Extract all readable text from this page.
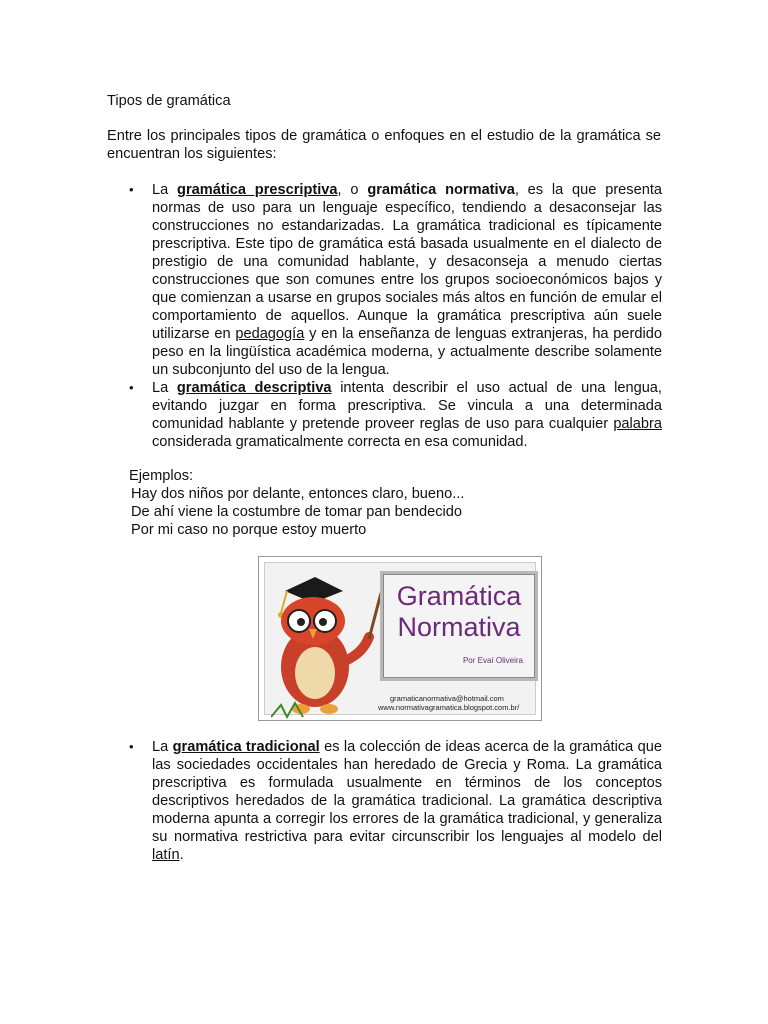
Tipos de gramática

Entre los principales tipos de gramática o enfoques en el estudio de la gramática se encuentran los siguientes:

• La gramática prescriptiva, o gramática normativa, es la que presenta normas de uso para un lenguaje específico, tendiendo a desaconsejar las construcciones no estandarizadas. La gramática tradicional es típicamente prescriptiva. Este tipo de gramática está basada usualmente en el dialecto de prestigio de una comunidad hablante, y desaconseja a menudo ciertas construcciones que son comunes entre los grupos socioeconómicos bajos y que comienzan a usarse en grupos sociales más altos en función de emular el comportamiento de aquellos. Aunque la gramática prescriptiva aún suele utilizarse en pedagogía y en la enseñanza de lenguas extranjeras, ha perdido peso en la lingüística académica moderna, y actualmente describe solamente un subconjunto del uso de la lengua.
• La gramática descriptiva intenta describir el uso actual de una lengua, evitando juzgar en forma prescriptiva. Se vincula a una determinada comunidad hablante y pretende proveer reglas de uso para cualquier palabra considerada gramaticalmente correcta en esa comunidad.
Ejemplos:
Hay dos niños por delante, entonces claro, bueno...
De ahí viene la costumbre de tomar pan bendecido
Por mi caso no porque estoy muerto
Gramática
Normativa
Por Evaí Oliveira
gramaticanormativa@hotmail.com
www.normativagramatica.blogspot.com.br/
• La gramática tradicional es la colección de ideas acerca de la gramática que las sociedades occidentales han heredado de Grecia y Roma. La gramática prescriptiva es formulada usualmente en términos de los conceptos descriptivos heredados de la gramática tradicional. La gramática descriptiva moderna apunta a corregir los errores de la gramática tradicional, y generaliza su normativa restrictiva para evitar circunscribir los lenguajes al modelo del latín.
